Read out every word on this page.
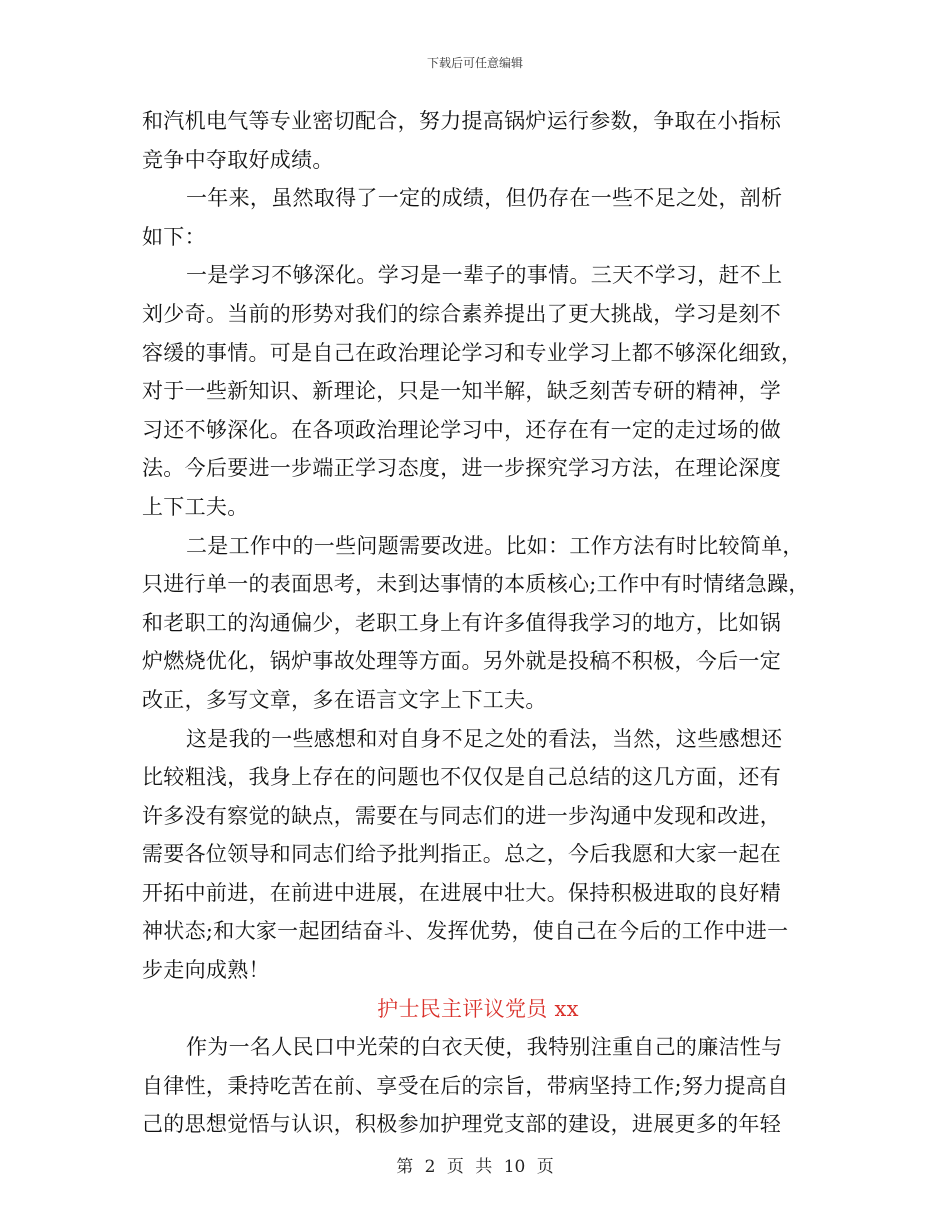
下载后可任意编辑
和汽机电气等专业密切配合，努力提高锅炉运行参数，争取在小指标
竞争中夺取好成绩。
一年来，虽然取得了一定的成绩，但仍存在一些不足之处，剖析
如下：
一是学习不够深化。学习是一辈子的事情。三天不学习，赶不上
刘少奇。当前的形势对我们的综合素养提出了更大挑战，学习是刻不
容缓的事情。可是自己在政治理论学习和专业学习上都不够深化细致，
对于一些新知识、新理论，只是一知半解，缺乏刻苦专研的精神，学
习还不够深化。在各项政治理论学习中，还存在有一定的走过场的做
法。今后要进一步端正学习态度，进一步探究学习方法，在理论深度
上下工夫。
二是工作中的一些问题需要改进。比如：工作方法有时比较简单，
只进行单一的表面思考，未到达事情的本质核心;工作中有时情绪急躁，
和老职工的沟通偏少，老职工身上有许多值得我学习的地方，比如锅
炉燃烧优化，锅炉事故处理等方面。另外就是投稿不积极，今后一定
改正，多写文章，多在语言文字上下工夫。
这是我的一些感想和对自身不足之处的看法，当然，这些感想还
比较粗浅，我身上存在的问题也不仅仅是自己总结的这几方面，还有
许多没有察觉的缺点，需要在与同志们的进一步沟通中发现和改进，
需要各位领导和同志们给予批判指正。总之，今后我愿和大家一起在
开拓中前进，在前进中进展，在进展中壮大。保持积极进取的良好精
神状态;和大家一起团结奋斗、发挥优势，使自己在今后的工作中进一
步走向成熟！
护士民主评议党员 xx
作为一名人民口中光荣的白衣天使，我特别注重自己的廉洁性与
自律性，秉持吃苦在前、享受在后的宗旨，带病坚持工作;努力提高自
己的思想觉悟与认识，积极参加护理党支部的建设，进展更多的年轻
第 2 页 共 10 页
